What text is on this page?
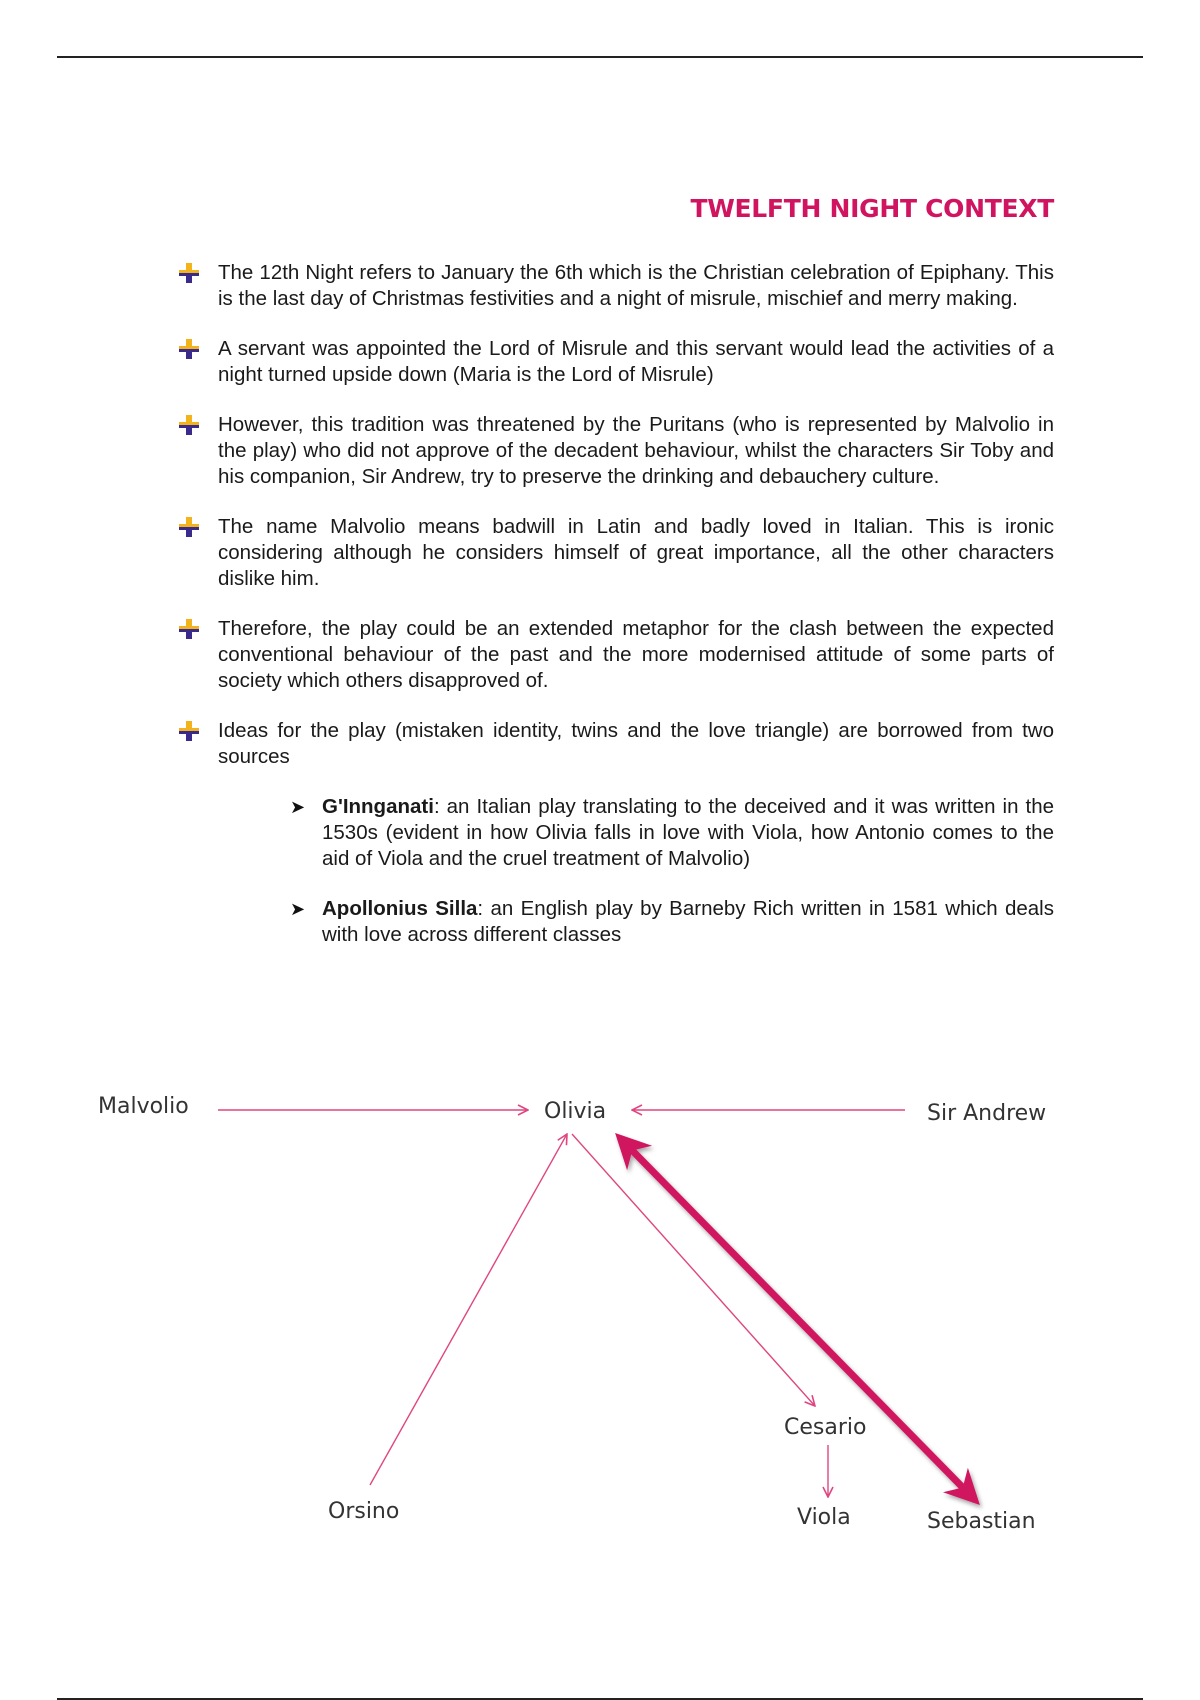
TWELFTH NIGHT CONTEXT
The 12th Night refers to January the 6th which is the Christian celebration of Epiphany. This is the last day of Christmas festivities and a night of misrule, mischief and merry making.
A servant was appointed the Lord of Misrule and this servant would lead the activities of a night turned upside down (Maria is the Lord of Misrule)
However, this tradition was threatened by the Puritans (who is represented by Malvolio in the play) who did not approve of the decadent behaviour, whilst the characters Sir Toby and his companion, Sir Andrew, try to preserve the drinking and debauchery culture.
The name Malvolio means badwill in Latin and badly loved in Italian. This is ironic considering although he considers himself of great importance, all the other characters dislike him.
Therefore, the play could be an extended metaphor for the clash between the expected conventional behaviour of the past and the more modernised attitude of some parts of society which others disapproved of.
Ideas for the play (mistaken identity, twins and the love triangle) are borrowed from two sources
➤ G'Innganati: an Italian play translating to the deceived and it was written in the 1530s (evident in how Olivia falls in love with Viola, how Antonio comes to the aid of Viola and the cruel treatment of Malvolio)
➤ Apollonius Silla: an English play by Barneby Rich written in 1581 which deals with love across different classes
Malvolio	Olivia	Sir Andrew
Cesario
Orsino	Viola	Sebastian
